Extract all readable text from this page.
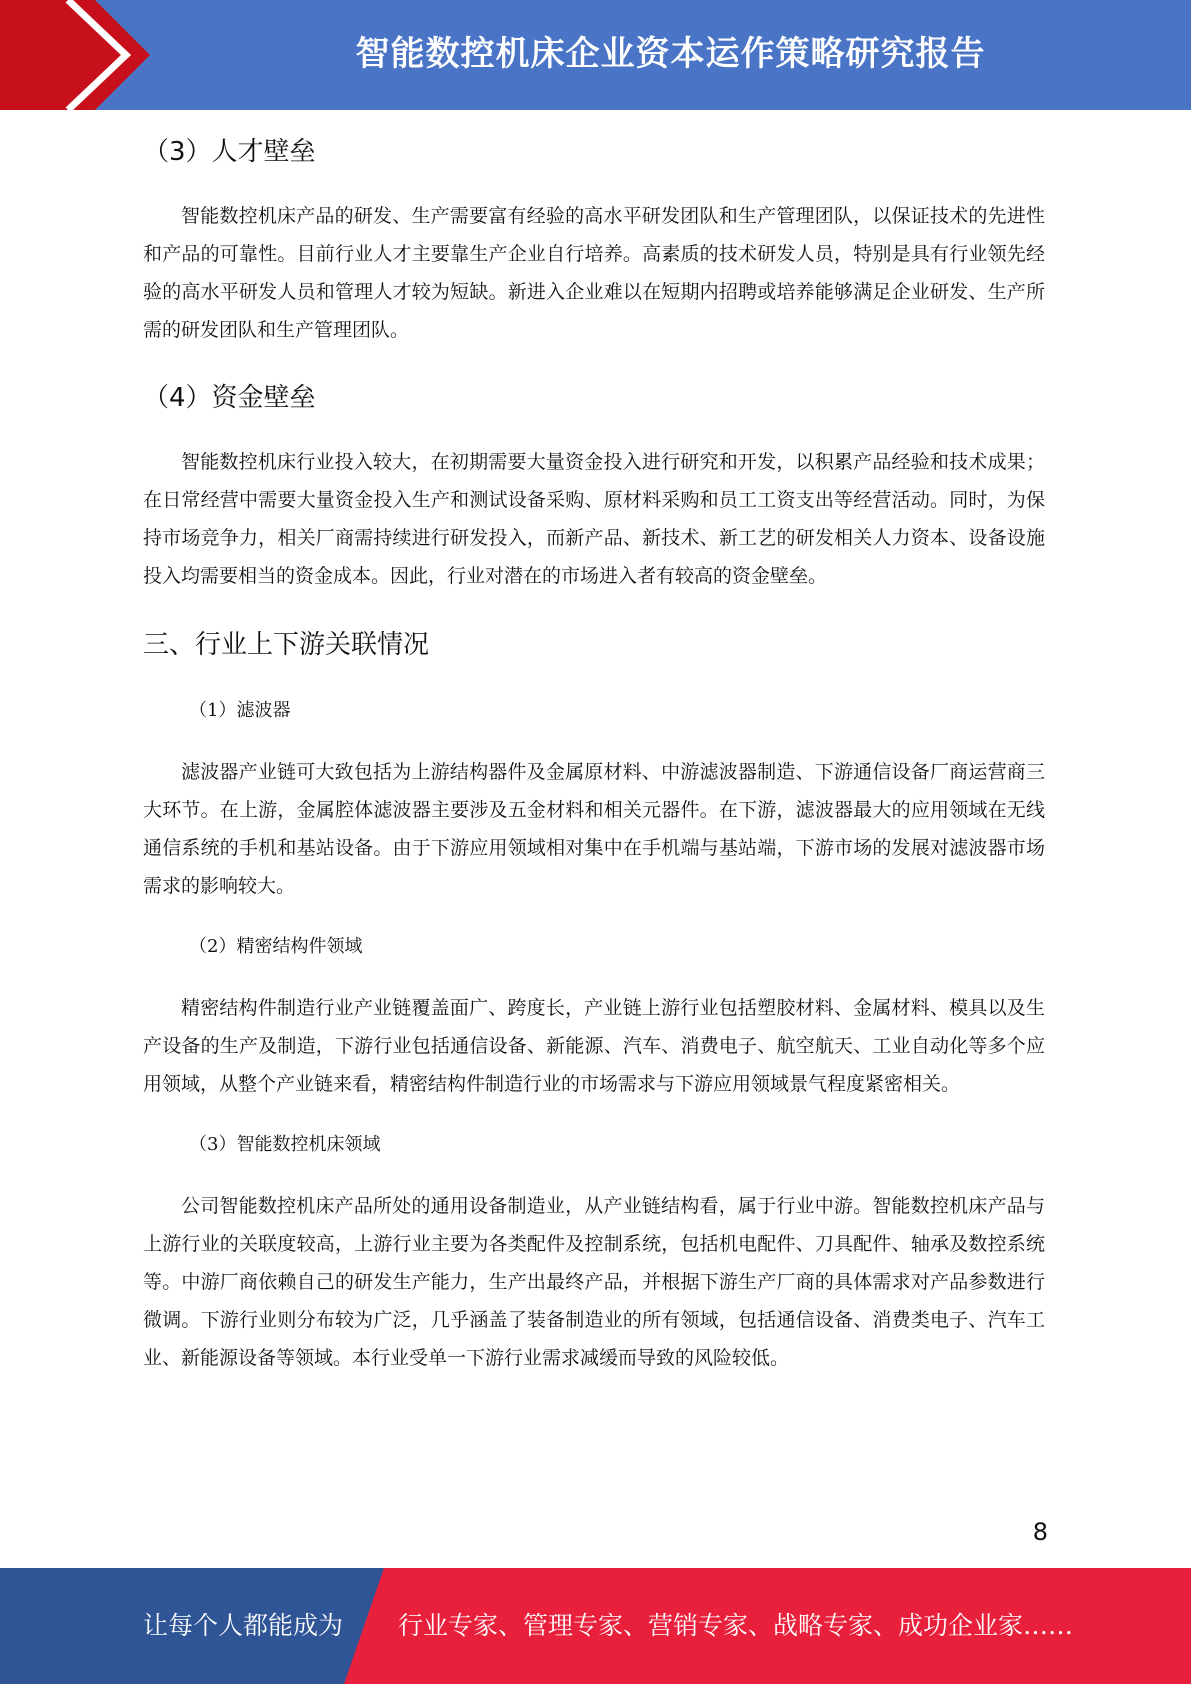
智能数控机床企业资本运作策略研究报告
（3）人才壁垒

智能数控机床产品的研发、生产需要富有经验的高水平研发团队和生产管理团队，以保证技术的先进性和产品的可靠性。目前行业人才主要靠生产企业自行培养。高素质的技术研发人员，特别是具有行业领先经验的高水平研发人员和管理人才较为短缺。新进入企业难以在短期内招聘或培养能够满足企业研发、生产所需的研发团队和生产管理团队。

（4）资金壁垒

智能数控机床行业投入较大，在初期需要大量资金投入进行研究和开发，以积累产品经验和技术成果；在日常经营中需要大量资金投入生产和测试设备采购、原材料采购和员工工资支出等经营活动。同时，为保持市场竞争力，相关厂商需持续进行研发投入，而新产品、新技术、新工艺的研发相关人力资本、设备设施投入均需要相当的资金成本。因此，行业对潜在的市场进入者有较高的资金壁垒。

三、行业上下游关联情况
（1）滤波器

滤波器产业链可大致包括为上游结构器件及金属原材料、中游滤波器制造、下游通信设备厂商运营商三大环节。在上游，金属腔体滤波器主要涉及五金材料和相关元器件。在下游，滤波器最大的应用领域在无线通信系统的手机和基站设备。由于下游应用领域相对集中在手机端与基站端，下游市场的发展对滤波器市场需求的影响较大。

（2）精密结构件领域

精密结构件制造行业产业链覆盖面广、跨度长，产业链上游行业包括塑胶材料、金属材料、模具以及生产设备的生产及制造，下游行业包括通信设备、新能源、汽车、消费电子、航空航天、工业自动化等多个应用领域，从整个产业链来看，精密结构件制造行业的市场需求与下游应用领域景气程度紧密相关。

（3）智能数控机床领域

公司智能数控机床产品所处的通用设备制造业，从产业链结构看，属于行业中游。智能数控机床产品与上游行业的关联度较高，上游行业主要为各类配件及控制系统，包括机电配件、刀具配件、轴承及数控系统等。中游厂商依赖自己的研发生产能力，生产出最终产品，并根据下游生产厂商的具体需求对产品参数进行微调。下游行业则分布较为广泛，几乎涵盖了装备制造业的所有领域，包括通信设备、消费类电子、汽车工业、新能源设备等领域。本行业受单一下游行业需求减缓而导致的风险较低。

8
让每个人都能成为 行业专家、管理专家、营销专家、战略专家、成功企业家……
